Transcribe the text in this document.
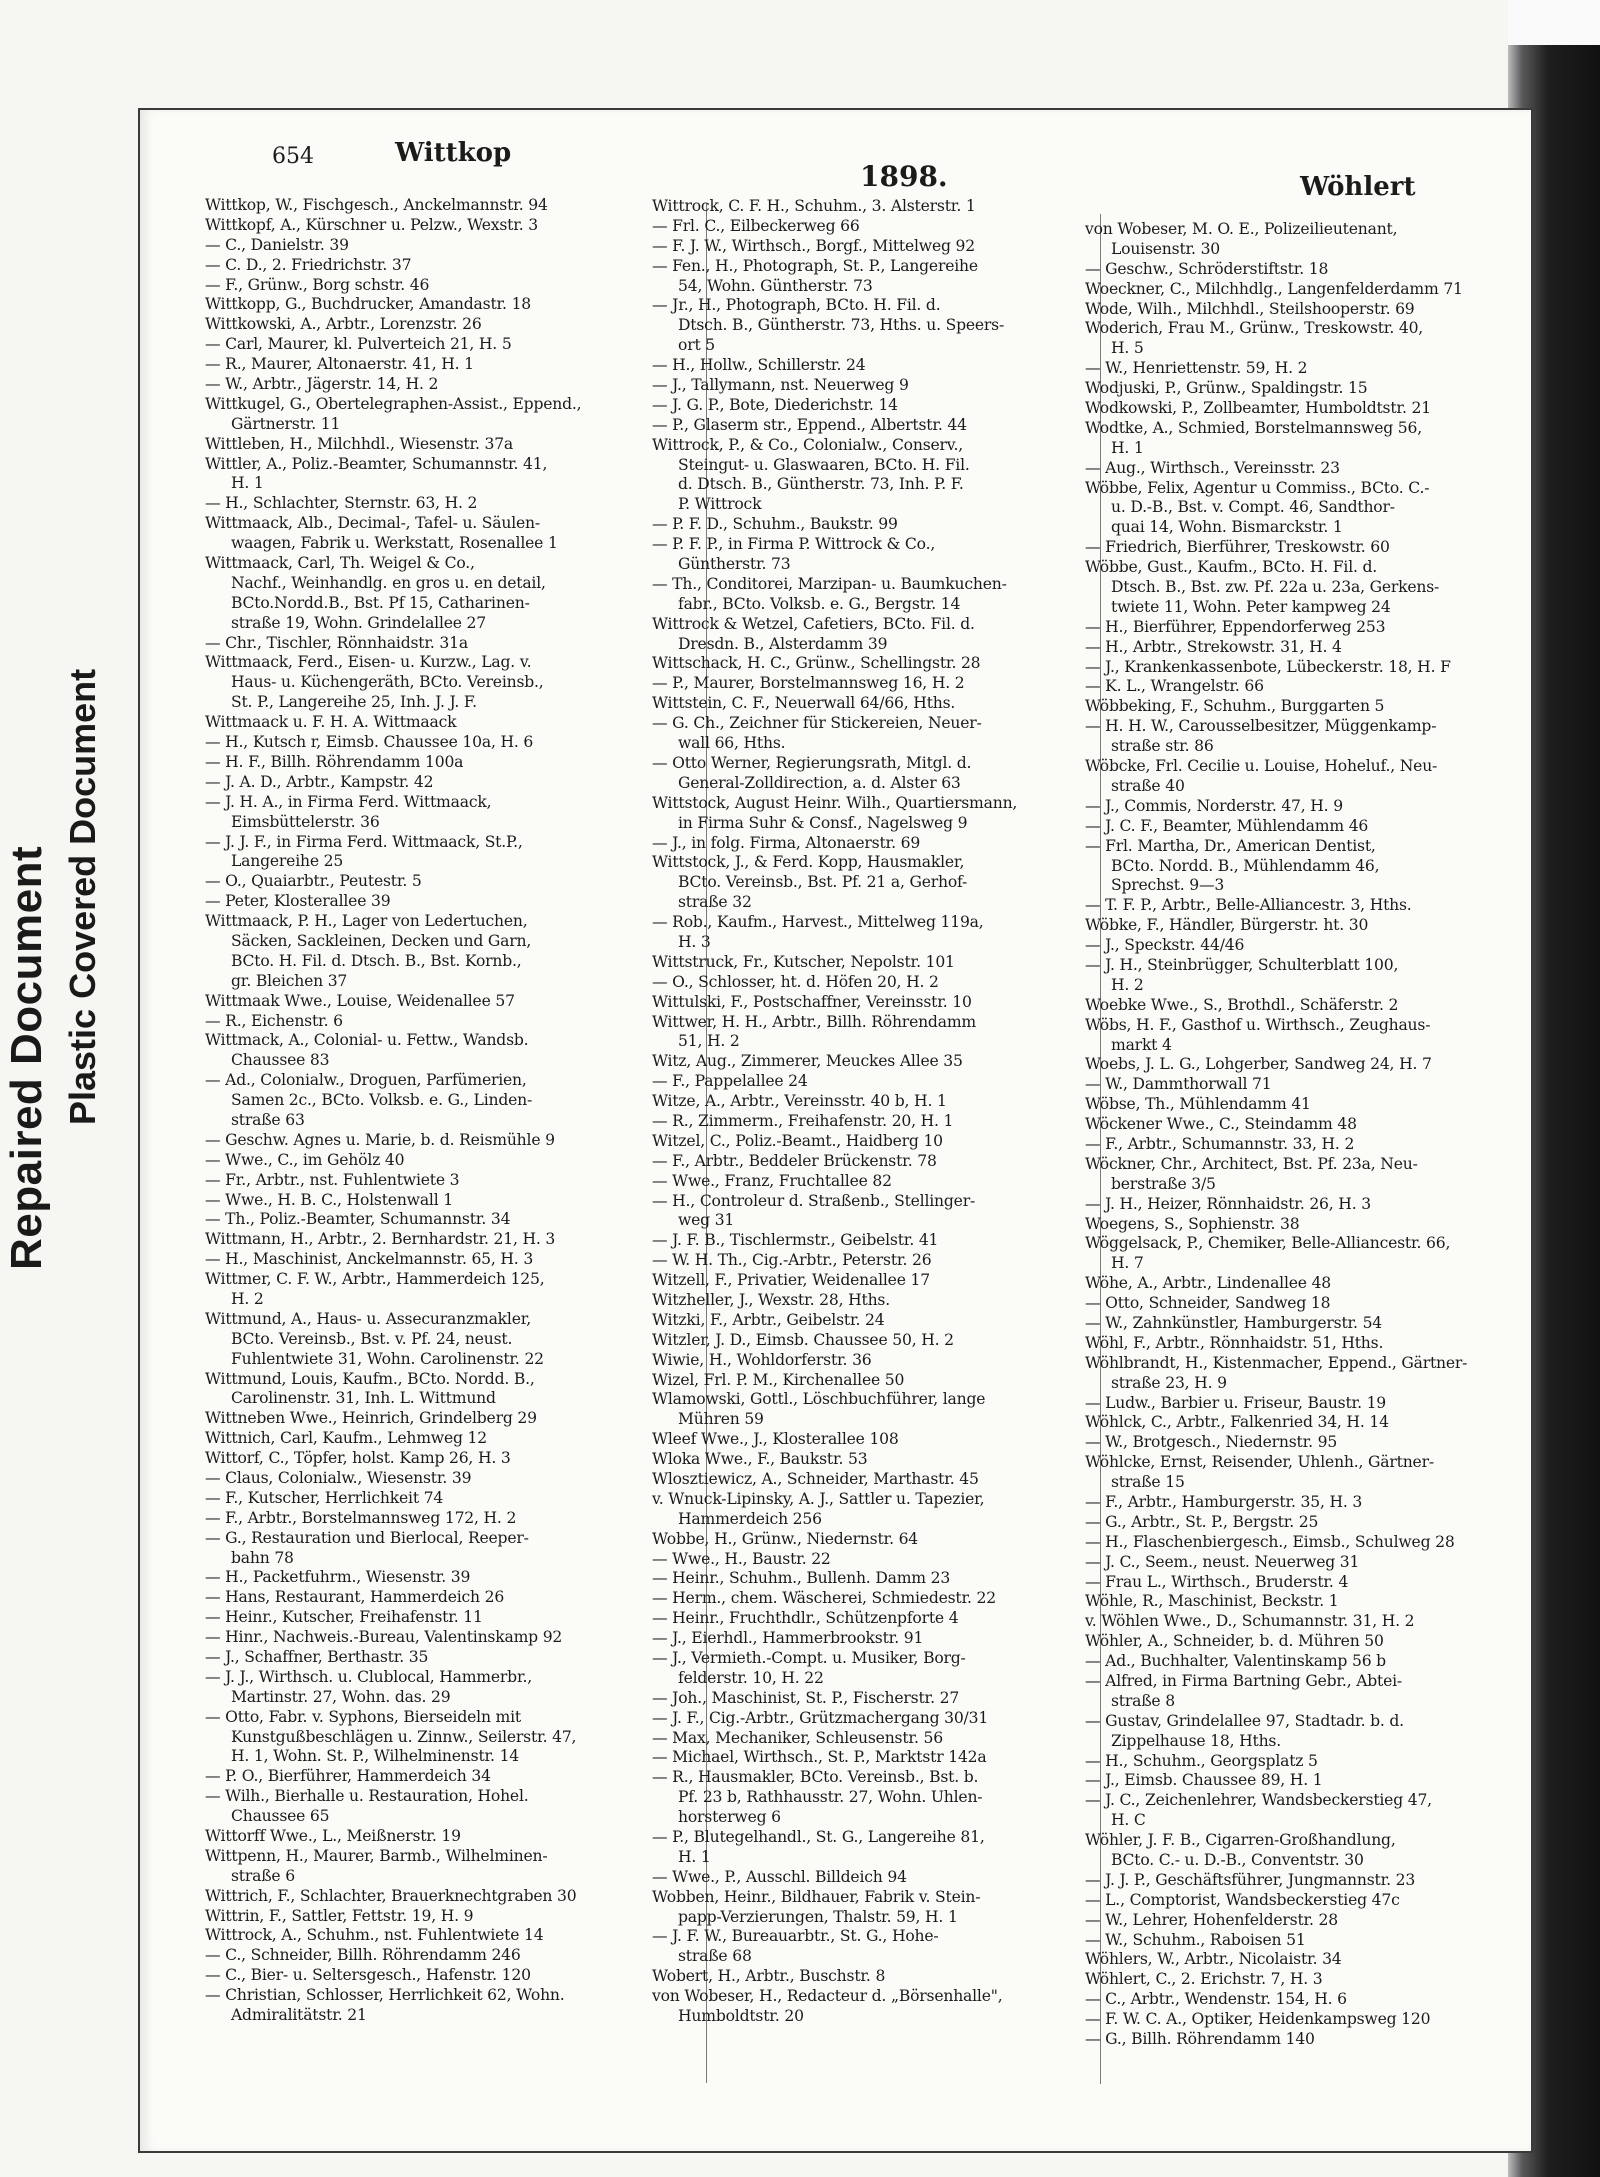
Repaired Document Plastic Covered Document
654	Wittkop
1898.	Wöhlert
Wittkop, W., Fischgesch., Anckelmannstr. 94
Wittkopf, A., Kürschner u. Pelzw., Wexstr. 3
— C., Danielstr. 39
— C. D., 2. Friedrichstr. 37
— F., Grünw., Borg schstr. 46
Wittkopp, G., Buchdrucker, Amandastr. 18
Wittkowski, A., Arbtr., Lorenzstr. 26
— Carl, Maurer, kl. Pulverteich 21, H. 5
— R., Maurer, Altonaerstr. 41, H. 1
— W., Arbtr., Jägerstr. 14, H. 2
Wittkugel, G., Obertelegraphen-Assist., Eppend.,
Gärtnerstr. 11
Wittleben, H., Milchhdl., Wiesenstr. 37a
Wittler, A., Poliz.-Beamter, Schumannstr. 41,
H. 1
— H., Schlachter, Sternstr. 63, H. 2
Wittmaack, Alb., Decimal-, Tafel- u. Säulen-
waagen, Fabrik u. Werkstatt, Rosenallee 1
Wittmaack, Carl, Th. Weigel & Co.,
Nachf., Weinhandlg. en gros u. en detail,
BCto.Nordd.B., Bst. Pf 15, Catharinen-
straße 19, Wohn. Grindelallee 27
— Chr., Tischler, Rönnhaidstr. 31a
Wittmaack, Ferd., Eisen- u. Kurzw., Lag. v.
Haus- u. Küchengeräth, BCto. Vereinsb.,
St. P., Langereihe 25, Inh. J. J. F.
Wittmaack u. F. H. A. Wittmaack
— H., Kutsch r, Eimsb. Chaussee 10a, H. 6
— H. F., Billh. Röhrendamm 100a
— J. A. D., Arbtr., Kampstr. 42
— J. H. A., in Firma Ferd. Wittmaack,
Eimsbüttelerstr. 36
— J. J. F., in Firma Ferd. Wittmaack, St.P.,
Langereihe 25
— O., Quaiarbtr., Peutestr. 5
— Peter, Klosterallee 39
Wittmaack, P. H., Lager von Ledertuchen,
Säcken, Sackleinen, Decken und Garn,
BCto. H. Fil. d. Dtsch. B., Bst. Kornb.,
gr. Bleichen 37
Wittmaak Wwe., Louise, Weidenallee 57
— R., Eichenstr. 6
Wittmack, A., Colonial- u. Fettw., Wandsb.
Chaussee 83
— Ad., Colonialw., Droguen, Parfümerien,
Samen 2c., BCto. Volksb. e. G., Linden-
straße 63
— Geschw. Agnes u. Marie, b. d. Reismühle 9
— Wwe., C., im Gehölz 40
— Fr., Arbtr., nst. Fuhlentwiete 3
— Wwe., H. B. C., Holstenwall 1
— Th., Poliz.-Beamter, Schumannstr. 34
Wittmann, H., Arbtr., 2. Bernhardstr. 21, H. 3
— H., Maschinist, Anckelmannstr. 65, H. 3
Wittmer, C. F. W., Arbtr., Hammerdeich 125,
H. 2
Wittmund, A., Haus- u. Assecuranzmakler,
BCto. Vereinsb., Bst. v. Pf. 24, neust.
Fuhlentwiete 31, Wohn. Carolinenstr. 22
Wittmund, Louis, Kaufm., BCto. Nordd. B.,
Carolinenstr. 31, Inh. L. Wittmund
Wittneben Wwe., Heinrich, Grindelberg 29
Wittnich, Carl, Kaufm., Lehmweg 12
Wittorf, C., Töpfer, holst. Kamp 26, H. 3
— Claus, Colonialw., Wiesenstr. 39
— F., Kutscher, Herrlichkeit 74
— F., Arbtr., Borstelmannsweg 172, H. 2
— G., Restauration und Bierlocal, Reeper-
bahn 78
— H., Packetfuhrm., Wiesenstr. 39
— Hans, Restaurant, Hammerdeich 26
— Heinr., Kutscher, Freihafenstr. 11
— Hinr., Nachweis.-Bureau, Valentinskamp 92
— J., Schaffner, Berthastr. 35
— J. J., Wirthsch. u. Clublocal, Hammerbr.,
Martinstr. 27, Wohn. das. 29
— Otto, Fabr. v. Syphons, Bierseideln mit
Kunstgußbeschlägen u. Zinnw., Seilerstr. 47,
H. 1, Wohn. St. P., Wilhelminenstr. 14
— P. O., Bierführer, Hammerdeich 34
— Wilh., Bierhalle u. Restauration, Hohel.
Chaussee 65
Wittorff Wwe., L., Meißnerstr. 19
Wittpenn, H., Maurer, Barmb., Wilhelminen-
straße 6
Wittrich, F., Schlachter, Brauerknechtgraben 30
Wittrin, F., Sattler, Fettstr. 19, H. 9
Wittrock, A., Schuhm., nst. Fuhlentwiete 14
— C., Schneider, Billh. Röhrendamm 246
— C., Bier- u. Seltersgesch., Hafenstr. 120
— Christian, Schlosser, Herrlichkeit 62, Wohn.
Admiralitätstr. 21
Wittrock, C. F. H., Schuhm., 3. Alsterstr. 1
— Frl. C., Eilbeckerweg 66
— F. J. W., Wirthsch., Borgf., Mittelweg 92
— Fen., H., Photograph, St. P., Langereihe
54, Wohn. Güntherstr. 73
— Jr., H., Photograph, BCto. H. Fil. d.
Dtsch. B., Güntherstr. 73, Hths. u. Speers-
ort 5
— H., Hollw., Schillerstr. 24
— J., Tallymann, nst. Neuerweg 9
— J. G. P., Bote, Diederichstr. 14
— P., Glaserm str., Eppend., Albertstr. 44
Wittrock, P., & Co., Colonialw., Conserv.,
Steingut- u. Glaswaaren, BCto. H. Fil.
d. Dtsch. B., Güntherstr. 73, Inh. P. F.
P. Wittrock
— P. F. D., Schuhm., Baukstr. 99
— P. F. P., in Firma P. Wittrock & Co.,
Güntherstr. 73
— Th., Conditorei, Marzipan- u. Baumkuchen-
fabr., BCto. Volksb. e. G., Bergstr. 14
Wittrock & Wetzel, Cafetiers, BCto. Fil. d.
Dresdn. B., Alsterdamm 39
Wittschack, H. C., Grünw., Schellingstr. 28
— P., Maurer, Borstelmannsweg 16, H. 2
Wittstein, C. F., Neuerwall 64/66, Hths.
— G. Ch., Zeichner für Stickereien, Neuer-
wall 66, Hths.
— Otto Werner, Regierungsrath, Mitgl. d.
General-Zolldirection, a. d. Alster 63
Wittstock, August Heinr. Wilh., Quartiersmann,
in Firma Suhr & Consf., Nagelsweg 9
— J., in folg. Firma, Altonaerstr. 69
Wittstock, J., & Ferd. Kopp, Hausmakler,
BCto. Vereinsb., Bst. Pf. 21 a, Gerhof-
straße 32
— Rob., Kaufm., Harvest., Mittelweg 119a,
H. 3
Wittstruck, Fr., Kutscher, Nepolstr. 101
— O., Schlosser, ht. d. Höfen 20, H. 2
Wittulski, F., Postschaffner, Vereinsstr. 10
Wittwer, H. H., Arbtr., Billh. Röhrendamm
51, H. 2
Witz, Aug., Zimmerer, Meuckes Allee 35
— F., Pappelallee 24
Witze, A., Arbtr., Vereinsstr. 40 b, H. 1
— R., Zimmerm., Freihafenstr. 20, H. 1
Witzel, C., Poliz.-Beamt., Haidberg 10
— F., Arbtr., Beddeler Brückenstr. 78
— Wwe., Franz, Fruchtallee 82
— H., Controleur d. Straßenb., Stellinger-
weg 31
— J. F. B., Tischlermstr., Geibelstr. 41
— W. H. Th., Cig.-Arbtr., Peterstr. 26
Witzell, F., Privatier, Weidenallee 17
Witzheller, J., Wexstr. 28, Hths.
Witzki, F., Arbtr., Geibelstr. 24
Witzler, J. D., Eimsb. Chaussee 50, H. 2
Wiwie, H., Wohldorferstr. 36
Wizel, Frl. P. M., Kirchenallee 50
Wlamowski, Gottl., Löschbuchführer, lange
Mühren 59
Wleef Wwe., J., Klosterallee 108
Wloka Wwe., F., Baukstr. 53
Wlosztiewicz, A., Schneider, Marthastr. 45
v. Wnuck-Lipinsky, A. J., Sattler u. Tapezier,
Hammerdeich 256
Wobbe, H., Grünw., Niedernstr. 64
— Wwe., H., Baustr. 22
— Heinr., Schuhm., Bullenh. Damm 23
— Herm., chem. Wäscherei, Schmiedestr. 22
— Heinr., Fruchthdlr., Schützenpforte 4
— J., Eierhdl., Hammerbrookstr. 91
— J., Vermieth.-Compt. u. Musiker, Borg-
felderstr. 10, H. 22
— Joh., Maschinist, St. P., Fischerstr. 27
— J. F., Cig.-Arbtr., Grützmachergang 30/31
— Max, Mechaniker, Schleusenstr. 56
— Michael, Wirthsch., St. P., Marktstr 142a
— R., Hausmakler, BCto. Vereinsb., Bst. b.
Pf. 23 b, Rathhausstr. 27, Wohn. Uhlen-
horsterweg 6
— P., Blutegelhandl., St. G., Langereihe 81,
H. 1
— Wwe., P., Ausschl. Billdeich 94
Wobben, Heinr., Bildhauer, Fabrik v. Stein-
papp-Verzierungen, Thalstr. 59, H. 1
— J. F. W., Bureauarbtr., St. G., Hohe-
straße 68
Wobert, H., Arbtr., Buschstr. 8
von Wobeser, H., Redacteur d. „Börsenhalle",
Humboldtstr. 20
von Wobeser, M. O. E., Polizeilieutenant,
Louisenstr. 30
— Geschw., Schröderstiftstr. 18
Woeckner, C., Milchhdlg., Langenfelderdamm 71
Wode, Wilh., Milchhdl., Steilshooperstr. 69
Woderich, Frau M., Grünw., Treskowstr. 40,
H. 5
— W., Henriettenstr. 59, H. 2
Wodjuski, P., Grünw., Spaldingstr. 15
Wodkowski, P., Zollbeamter, Humboldtstr. 21
Wodtke, A., Schmied, Borstelmannsweg 56,
H. 1
— Aug., Wirthsch., Vereinsstr. 23
Wöbbe, Felix, Agentur u Commiss., BCto. C.-
u. D.-B., Bst. v. Compt. 46, Sandthor-
quai 14, Wohn. Bismarckstr. 1
— Friedrich, Bierführer, Treskowstr. 60
Wöbbe, Gust., Kaufm., BCto. H. Fil. d.
Dtsch. B., Bst. zw. Pf. 22a u. 23a, Gerkens-
twiete 11, Wohn. Peter kampweg 24
— H., Bierführer, Eppendorferweg 253
— H., Arbtr., Strekowstr. 31, H. 4
— J., Krankenkassenbote, Lübeckerstr. 18, H. F
— K. L., Wrangelstr. 66
Wöbbeking, F., Schuhm., Burggarten 5
— H. H. W., Carousselbesitzer, Müggenkamp-
straße str. 86
Wöbcke, Frl. Cecilie u. Louise, Hoheluf., Neu-
straße 40
— J., Commis, Norderstr. 47, H. 9
— J. C. F., Beamter, Mühlendamm 46
— Frl. Martha, Dr., American Dentist,
BCto. Nordd. B., Mühlendamm 46,
Sprechst. 9—3
— T. F. P., Arbtr., Belle-Alliancestr. 3, Hths.
Wöbke, F., Händler, Bürgerstr. ht. 30
— J., Speckstr. 44/46
— J. H., Steinbrügger, Schulterblatt 100,
H. 2
Woebke Wwe., S., Brothdl., Schäferstr. 2
Wöbs, H. F., Gasthof u. Wirthsch., Zeughaus-
markt 4
Woebs, J. L. G., Lohgerber, Sandweg 24, H. 7
— W., Dammthorwall 71
Wöbse, Th., Mühlendamm 41
Wöckener Wwe., C., Steindamm 48
— F., Arbtr., Schumannstr. 33, H. 2
Wöckner, Chr., Architect, Bst. Pf. 23a, Neu-
berstraße 3/5
— J. H., Heizer, Rönnhaidstr. 26, H. 3
Woegens, S., Sophienstr. 38
Wöggelsack, P., Chemiker, Belle-Alliancestr. 66,
H. 7
Wöhe, A., Arbtr., Lindenallee 48
— Otto, Schneider, Sandweg 18
— W., Zahnkünstler, Hamburgerstr. 54
Wöhl, F., Arbtr., Rönnhaidstr. 51, Hths.
Wöhlbrandt, H., Kistenmacher, Eppend., Gärtner-
straße 23, H. 9
— Ludw., Barbier u. Friseur, Baustr. 19
Wöhlck, C., Arbtr., Falkenried 34, H. 14
— W., Brotgesch., Niedernstr. 95
Wöhlcke, Ernst, Reisender, Uhlenh., Gärtner-
straße 15
— F., Arbtr., Hamburgerstr. 35, H. 3
— G., Arbtr., St. P., Bergstr. 25
— H., Flaschenbiergesch., Eimsb., Schulweg 28
— J. C., Seem., neust. Neuerweg 31
— Frau L., Wirthsch., Bruderstr. 4
Wöhle, R., Maschinist, Beckstr. 1
v. Wöhlen Wwe., D., Schumannstr. 31, H. 2
Wöhler, A., Schneider, b. d. Mühren 50
— Ad., Buchhalter, Valentinskamp 56 b
— Alfred, in Firma Bartning Gebr., Abtei-
straße 8
— Gustav, Grindelallee 97, Stadtadr. b. d.
Zippelhause 18, Hths.
— H., Schuhm., Georgsplatz 5
— J., Eimsb. Chaussee 89, H. 1
— J. C., Zeichenlehrer, Wandsbeckerstieg 47,
H. C
Wöhler, J. F. B., Cigarren-Großhandlung,
BCto. C.- u. D.-B., Conventstr. 30
— J. J. P., Geschäftsführer, Jungmannstr. 23
— L., Comptorist, Wandsbeckerstieg 47c
— W., Lehrer, Hohenfelderstr. 28
— W., Schuhm., Raboisen 51
Wöhlers, W., Arbtr., Nicolaistr. 34
Wöhlert, C., 2. Erichstr. 7, H. 3
— C., Arbtr., Wendenstr. 154, H. 6
— F. W. C. A., Optiker, Heidenkampsweg 120
— G., Billh. Röhrendamm 140
